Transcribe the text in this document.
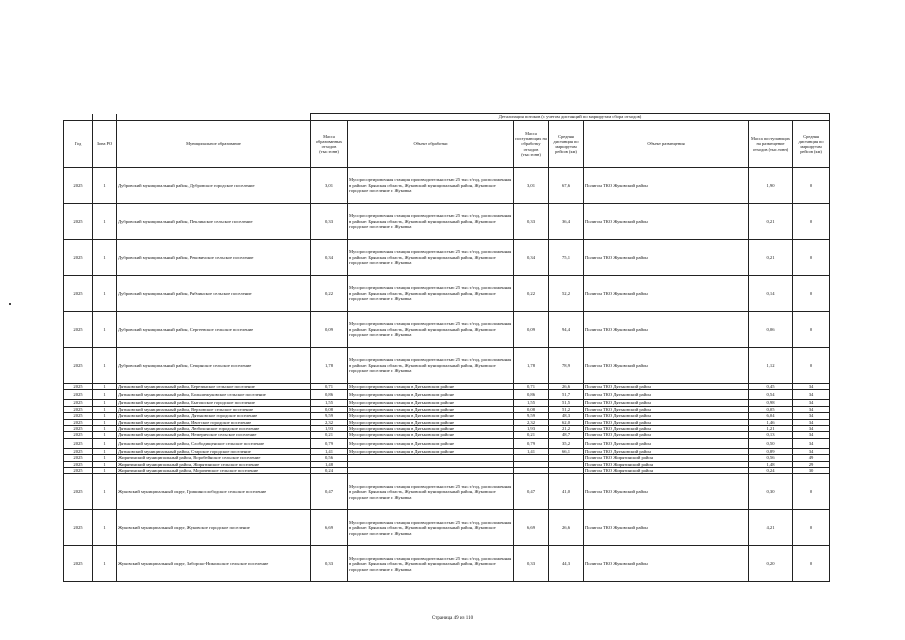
			Детализация потоков (с учетом дистанций по маршрутам сбора отходов)						
Год	Зона РО	Муниципальное образование	Масса образованных отходов (тыс.тонн)	Объект обработки	Масса поступающих на обработку отходов (тыс.тонн)	Средняя дистанция по маршрутам рейсов (км)	Объект размещения	Масса поступающих на размещение отходов (тыс.тонн)	Средняя дистанция по маршрутам рейсов (км)
2025	1	Дубровский муниципальный район, Дубровское городское поселение	3,01	Мусоросортировочная станция производительностью 25 тыс.т/год, расположенная в районе: Брянская область, Жуковский муниципальный район, Жуковское городское поселение г. Жуковка	3,01	67,6	Полигон ТКО Жуковский район	1,90	0
2025	1	Дубровский муниципальный район, Пеклинское сельское поселение	0,33	Мусоросортировочная станция производительностью 25 тыс.т/год, расположенная в районе: Брянская область, Жуковский муниципальный район, Жуковское городское поселение г. Жуковка	0,33	36,4	Полигон ТКО Жуковский район	0,21	0
2025	1	Дубровский муниципальный район, Рековичское сельское поселение	0,34	Мусоросортировочная станция производительностью 25 тыс.т/год, расположенная в районе: Брянская область, Жуковский муниципальный район, Жуковское городское поселение г. Жуковка	0,34	75,1	Полигон ТКО Жуковский район	0,21	0
2025	1	Дубровский муниципальный район, Рябчинское сельское поселение	0,22	Мусоросортировочная станция производительностью 25 тыс.т/год, расположенная в районе: Брянская область, Жуковский муниципальный район, Жуковское городское поселение г. Жуковка	0,22	52,2	Полигон ТКО Жуковский район	0,14	0
2025	1	Дубровский муниципальный район, Сергеевское сельское поселение	0,09	Мусоросортировочная станция производительностью 25 тыс.т/год, расположенная в районе: Брянская область, Жуковский муниципальный район, Жуковское городское поселение г. Жуковка	0,09	94,4	Полигон ТКО Жуковский район	0,06	0
2025	1	Дубровский муниципальный район, Сещинское сельское поселение	1,78	Мусоросортировочная станция производительностью 25 тыс.т/год, расположенная в районе: Брянская область, Жуковский муниципальный район, Жуковское городское поселение г. Жуковка	1,78	78,9	Полигон ТКО Жуковский район	1,12	0
2025	1	Дятьковский муниципальный район, Березинское сельское поселение	0,71	Мусоросортировочная станция в Дятьковском районе	0,71	26,6	Полигон ТКО Дятьковский район	0,45	34
2025	1	Дятьковский муниципальный район, Большежуковское сельское поселение	0,86	Мусоросортировочная станция в Дятьковском районе	0,86	51,7	Полигон ТКО Дятьковский район	0,54	34
2025	1	Дятьковский муниципальный район, Бытошское городское поселение	1,55	Мусоросортировочная станция в Дятьковском районе	1,55	51,5	Полигон ТКО Дятьковский район	0,98	34
2025	1	Дятьковский муниципальный район, Верховское сельское поселение	0,08	Мусоросортировочная станция в Дятьковском районе	0,08	51,2	Полигон ТКО Дятьковский район	0,05	34
2025	1	Дятьковский муниципальный район, Дятьковское городское поселение	9,59	Мусоросортировочная станция в Дятьковском районе	9,59	48,3	Полигон ТКО Дятьковский район	6,04	34
2025	1	Дятьковский муниципальный район, Ивотское городское поселение	2,32	Мусоросортировочная станция в Дятьковском районе	2,32	62,0	Полигон ТКО Дятьковский район	1,46	34
2025	1	Дятьковский муниципальный район, Любохонское городское поселение	1,93	Мусоросортировочная станция в Дятьковском районе	1,93	21,2	Полигон ТКО Дятьковский район	1,21	34
2025	1	Дятьковский муниципальный район, Немеричское сельское поселение	0,21	Мусоросортировочная станция в Дятьковском районе	0,21	48,7	Полигон ТКО Дятьковский район	0,13	34
2025	1	Дятьковский муниципальный район, Слободищенское сельское поселение	0,79	Мусоросортировочная станция в Дятьковском районе	0,79	35,2	Полигон ТКО Дятьковский район	0,50	34
2025	1	Дятьковский муниципальный район, Старское городское поселение	1,41	Мусоросортировочная станция в Дятьковском районе	1,41	66,1	Полигон ТКО Дятьковский район	0,89	34
2025	1	Жирятинский муниципальный район, Воробейнское сельское поселение	0,56				Полигон ТКО Жирятинский район	0,56	49
2025	1	Жирятинский муниципальный район, Жирятинское сельское поселение	1,48				Полигон ТКО Жирятинский район	1,48	29
2025	1	Жирятинский муниципальный район, Морачевское сельское поселение	0,24				Полигон ТКО Жирятинский район	0,24	30
2025	1	Жуковский муниципальный округ, Гришинослободское сельское поселение	0,47	Мусоросортировочная станция производительностью 25 тыс.т/год, расположенная в районе: Брянская область, Жуковский муниципальный район, Жуковское городское поселение г. Жуковка	0,47	41,0	Полигон ТКО Жуковский район	0,30	0
2025	1	Жуковский муниципальный округ, Жуковское городское поселение	6,69	Мусоросортировочная станция производительностью 25 тыс.т/год, расположенная в районе: Брянская область, Жуковский муниципальный район, Жуковское городское поселение г. Жуковка	6,69	26,6	Полигон ТКО Жуковский район	4,21	0
2025	1	Жуковский муниципальный округ, Заборско-Никольское сельское поселение	0,33	Мусоросортировочная станция производительностью 25 тыс.т/год, расположенная в районе: Брянская область, Жуковский муниципальный район, Жуковское городское поселение г. Жуковка	0,33	44,3	Полигон ТКО Жуковский район	0,20	0
Страница 49 из 110
